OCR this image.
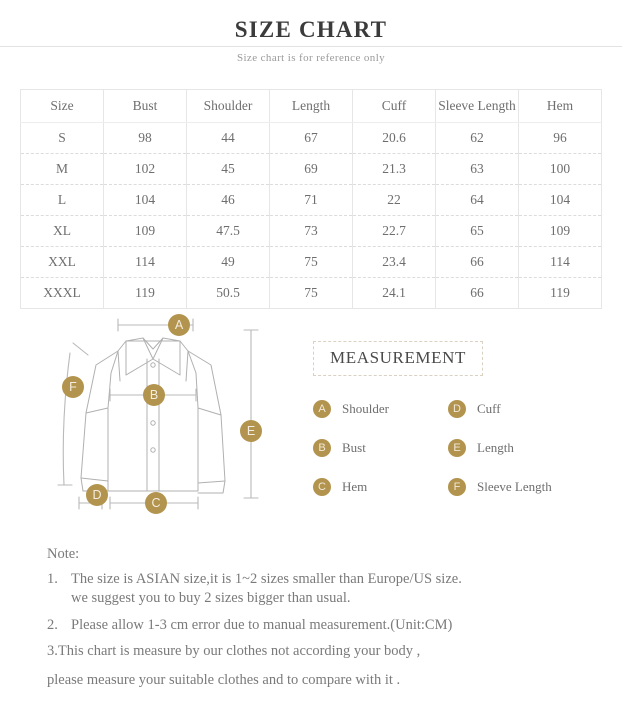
SIZE CHART
Size chart is for reference only
Size	Bust	Shoulder	Length	Cuff	Sleeve Length	Hem
S	98	44	67	20.6	62	96
M	102	45	69	21.3	63	100
L	104	46	71	22	64	104
XL	109	47.5	73	22.7	65	109
XXL	114	49	75	23.4	66	114
XXXL	119	50.5	75	24.1	66	119
A
B
C
D
E
F
MEASUREMENT
A	Shoulder	D	Cuff
B	Bust	E	Length
C	Hem	F	Sleeve Length
Note:
1. The size is ASIAN size,it is 1~2 sizes smaller than Europe/US size.
we suggest you to buy 2 sizes bigger than usual.
2. Please allow 1-3 cm error due to manual measurement.(Unit:CM)
3.This chart is measure by our clothes not according your body ,
please measure your suitable clothes and to compare with it .
